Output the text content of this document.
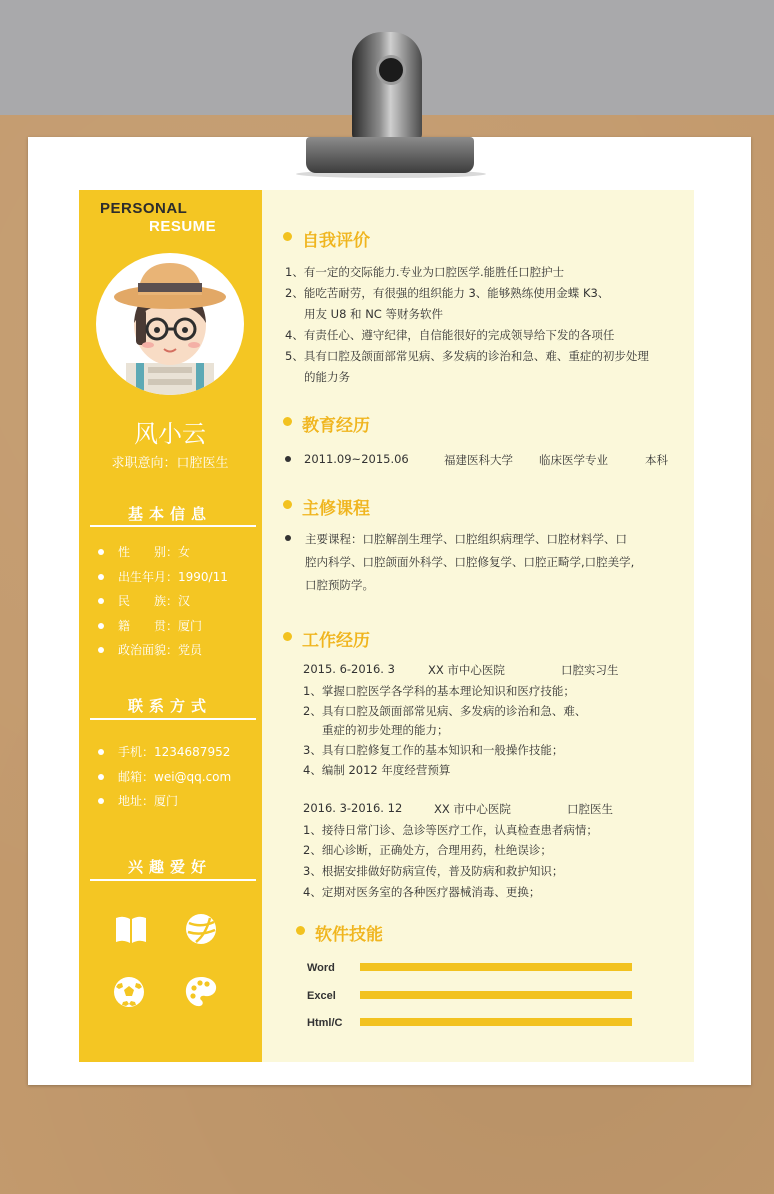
PERSONAL
RESUME
风小云
求职意向：口腔医生
基本信息
性　　别：女
出生年月：1990/11
民　　族：汉
籍　　贯：厦门
政治面貌：党员
联系方式
手机：1234687952
邮箱：wei@qq.com
地址：厦门
兴趣爱好
自我评价
1、有一定的交际能力.专业为口腔医学.能胜任口腔护士
2、能吃苦耐劳，有很强的组织能力 3、能够熟练使用金蝶 K3、
用友 U8 和 NC 等财务软件
4、有责任心、遵守纪律，自信能很好的完成领导给下发的各项任
5、具有口腔及颌面部常见病、多发病的诊治和急、难、重症的初步处理
的能力务
教育经历
2011.09~2015.06	福建医科大学 临床医学专业	本科
主修课程
主要课程：口腔解剖生理学、口腔组织病理学、口腔材料学、口
腔内科学、口腔颌面外科学、口腔修复学、口腔正畸学,口腔美学,
口腔预防学。
工作经历
2015. 6-2016. 3	XX 市中心医院	口腔实习生
1、掌握口腔医学各学科的基本理论知识和医疗技能；
2、具有口腔及颌面部常见病、多发病的诊治和急、难、
重症的初步处理的能力；
3、具有口腔修复工作的基本知识和一般操作技能；
4、编制 2012 年度经营预算
2016. 3-2016. 12	XX 市中心医院	口腔医生
1、接待日常门诊、急诊等医疗工作，认真检查患者病情；
2、细心诊断，正确处方，合理用药，杜绝误诊；
3、根据安排做好防病宣传，普及防病和救护知识；
4、定期对医务室的各种医疗器械消毒、更换；
软件技能
Word
Excel
Html/C
